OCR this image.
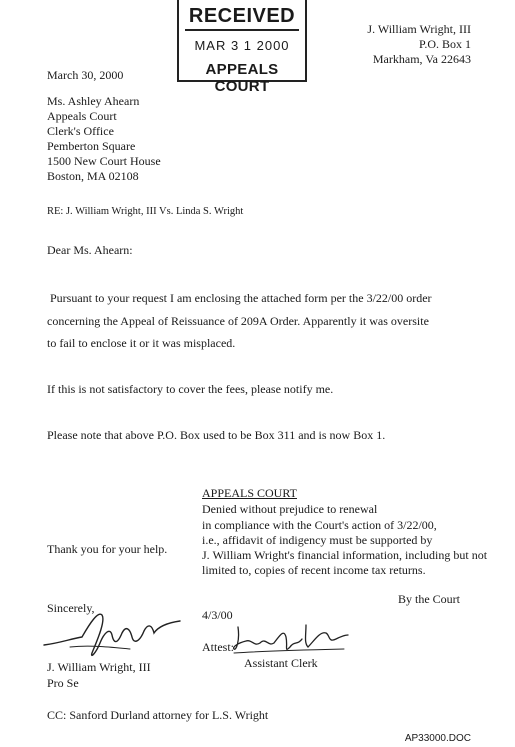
RECEIVED
MAR 3 1 2000
APPEALS COURT
J. William Wright, III
P.O. Box 1
Markham, Va 22643
March 30, 2000
Ms. Ashley Ahearn
Appeals Court
Clerk's Office
Pemberton Square
1500 New Court House
Boston, MA 02108
RE: J. William Wright, III Vs. Linda S. Wright
Dear Ms. Ahearn:
Pursuant to your request I am enclosing the attached form per the 3/22/00 order
concerning the Appeal of Reissuance of 209A Order. Apparently it was oversite
to fail to enclose it or it was misplaced.
If this is not satisfactory to cover the fees, please notify me.
Please note that above P.O. Box used to be Box 311 and is now Box 1.
APPEALS COURT
Denied without prejudice to renewal
in compliance with the Court's action of 3/22/00,
i.e., affidavit of indigency must be supported by
J. William Wright's financial information, including but not
limited to, copies of recent income tax returns.
Thank you for your help.
By the Court
Sincerely,	4/3/00
Attest:
Assistant Clerk
J. William Wright, III
Pro Se
CC: Sanford Durland attorney for L.S. Wright
AP33000.DOC
